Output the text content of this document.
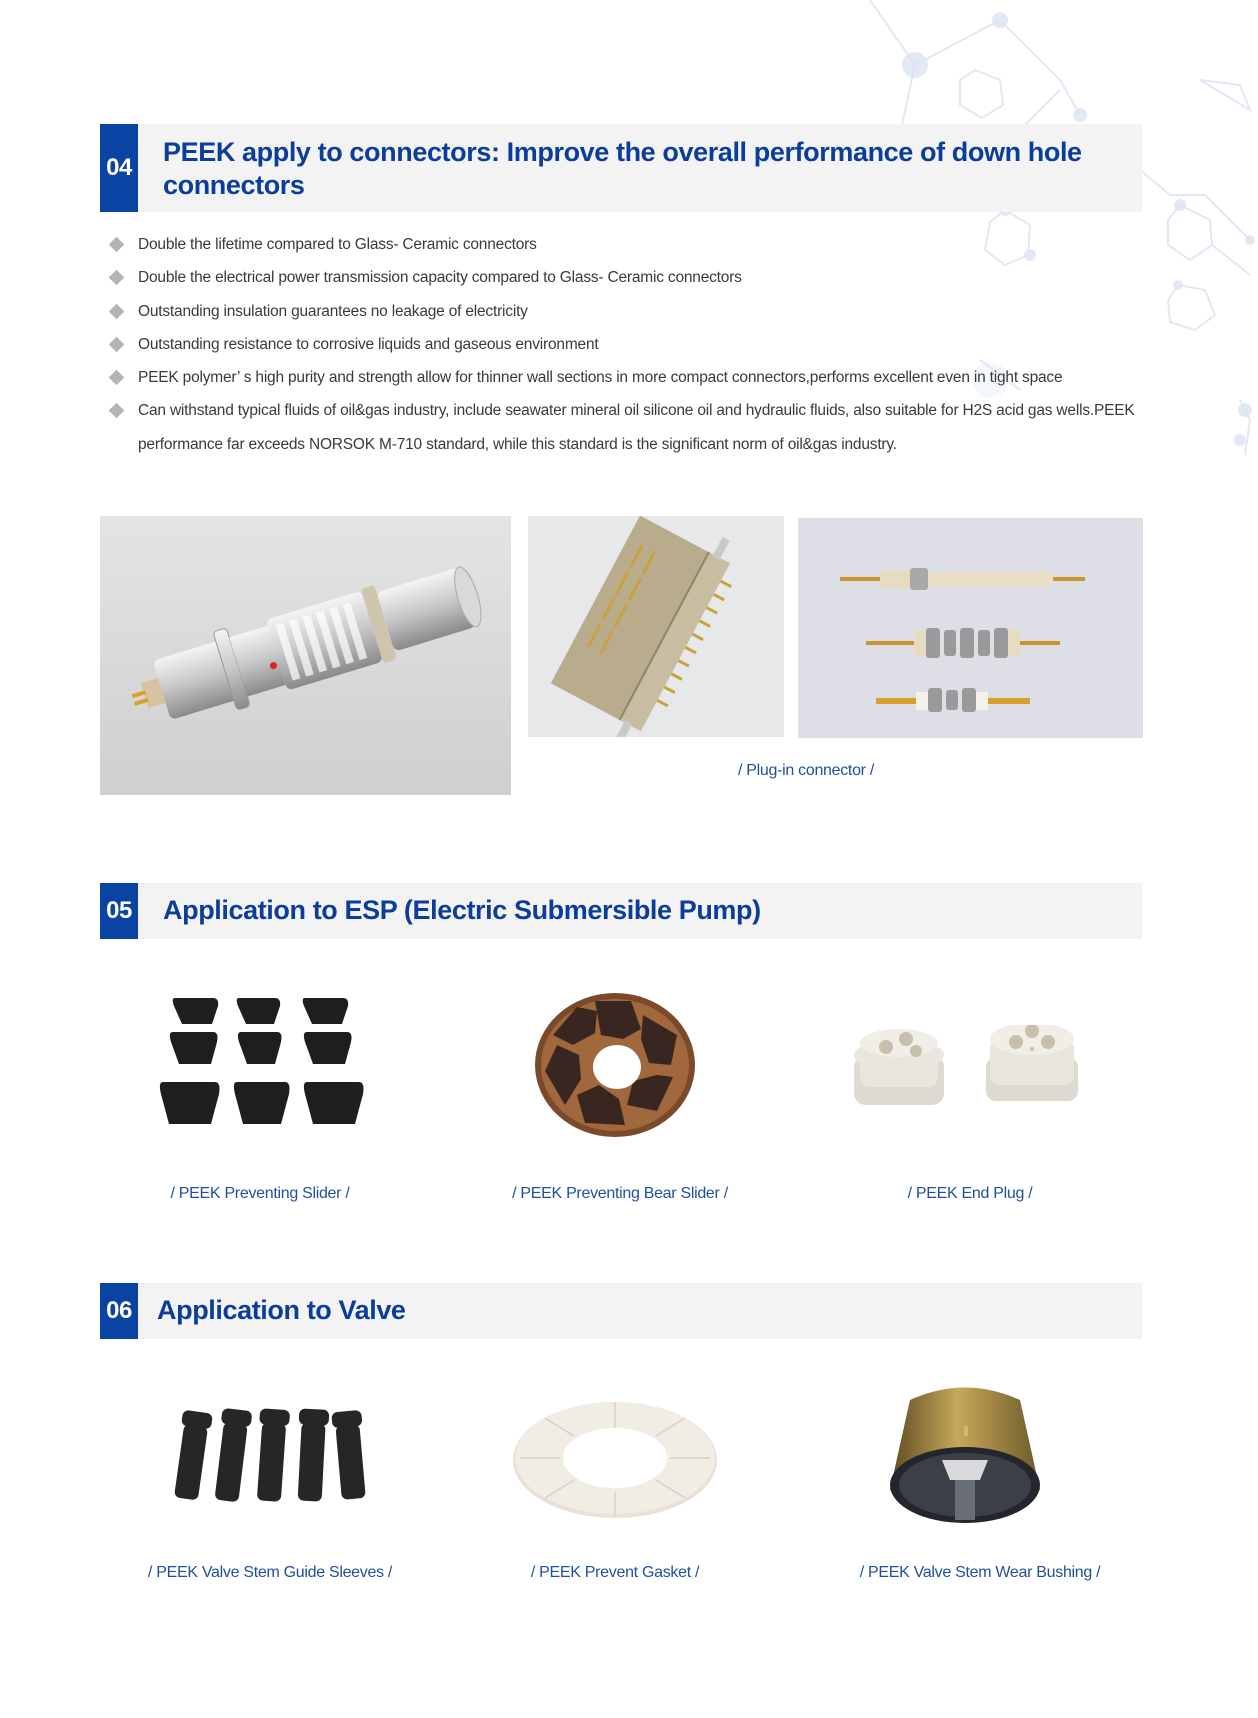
04
PEEK apply to connectors: Improve the overall performance of down hole connectors
Double the lifetime compared to Glass- Ceramic connectors
Double the electrical power transmission capacity compared to Glass- Ceramic connectors
Outstanding insulation guarantees no leakage of electricity
Outstanding resistance to corrosive liquids and gaseous environment
PEEK polymer’ s high purity and strength allow for thinner wall sections in more compact connectors,performs excellent even in tight space
Can withstand typical fluids of oil&gas industry, include seawater mineral oil silicone oil and hydraulic fluids, also suitable for H2S acid gas wells.PEEK performance far exceeds NORSOK M-710 standard, while this standard is the significant norm of oil&gas industry.
/ Plug-in connector /
05 Application to ESP (Electric Submersible Pump)
/ PEEK Preventing Slider /	/ PEEK Preventing Bear Slider /	/ PEEK End Plug /
06 Application to Valve
/ PEEK Valve Stem Guide Sleeves /	/ PEEK Prevent Gasket /	/ PEEK Valve Stem Wear Bushing /
